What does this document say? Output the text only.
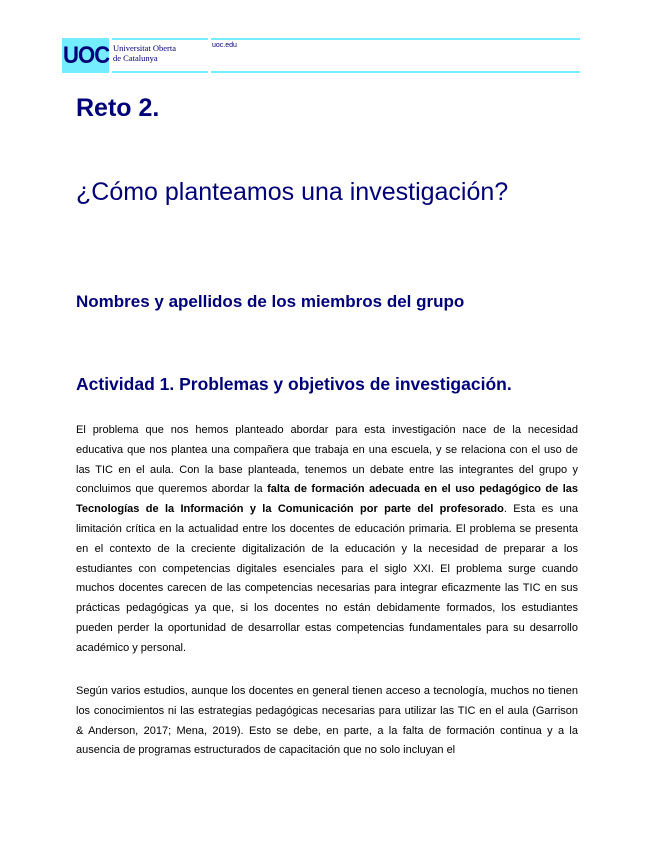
UOC Universitat Oberta
de Catalunya
uoc.edu
Reto 2.
¿Cómo planteamos una investigación?
Nombres y apellidos de los miembros del grupo
Actividad 1. Problemas y objetivos de investigación.

El problema que nos hemos planteado abordar para esta investigación nace de la necesidad educativa que nos plantea una compañera que trabaja en una escuela, y se relaciona con el uso de las TIC en el aula. Con la base planteada, tenemos un debate entre las integrantes del grupo y concluimos que queremos abordar la falta de formación adecuada en el uso pedagógico de las Tecnologías de la Información y la Comunicación por parte del profesorado. Esta es una limitación crítica en la actualidad entre los docentes de educación primaria. El problema se presenta en el contexto de la creciente digitalización de la educación y la necesidad de preparar a los estudiantes con competencias digitales esenciales para el siglo XXI. El problema surge cuando muchos docentes carecen de las competencias necesarias para integrar eficazmente las TIC en sus prácticas pedagógicas ya que, si los docentes no están debidamente formados, los estudiantes pueden perder la oportunidad de desarrollar estas competencias fundamentales para su desarrollo académico y personal.

Según varios estudios, aunque los docentes en general tienen acceso a tecnología, muchos no tienen los conocimientos ni las estrategias pedagógicas necesarias para utilizar las TIC en el aula (Garrison & Anderson, 2017; Mena, 2019). Esto se debe, en parte, a la falta de formación continua y a la ausencia de programas estructurados de capacitación que no solo incluyan el
